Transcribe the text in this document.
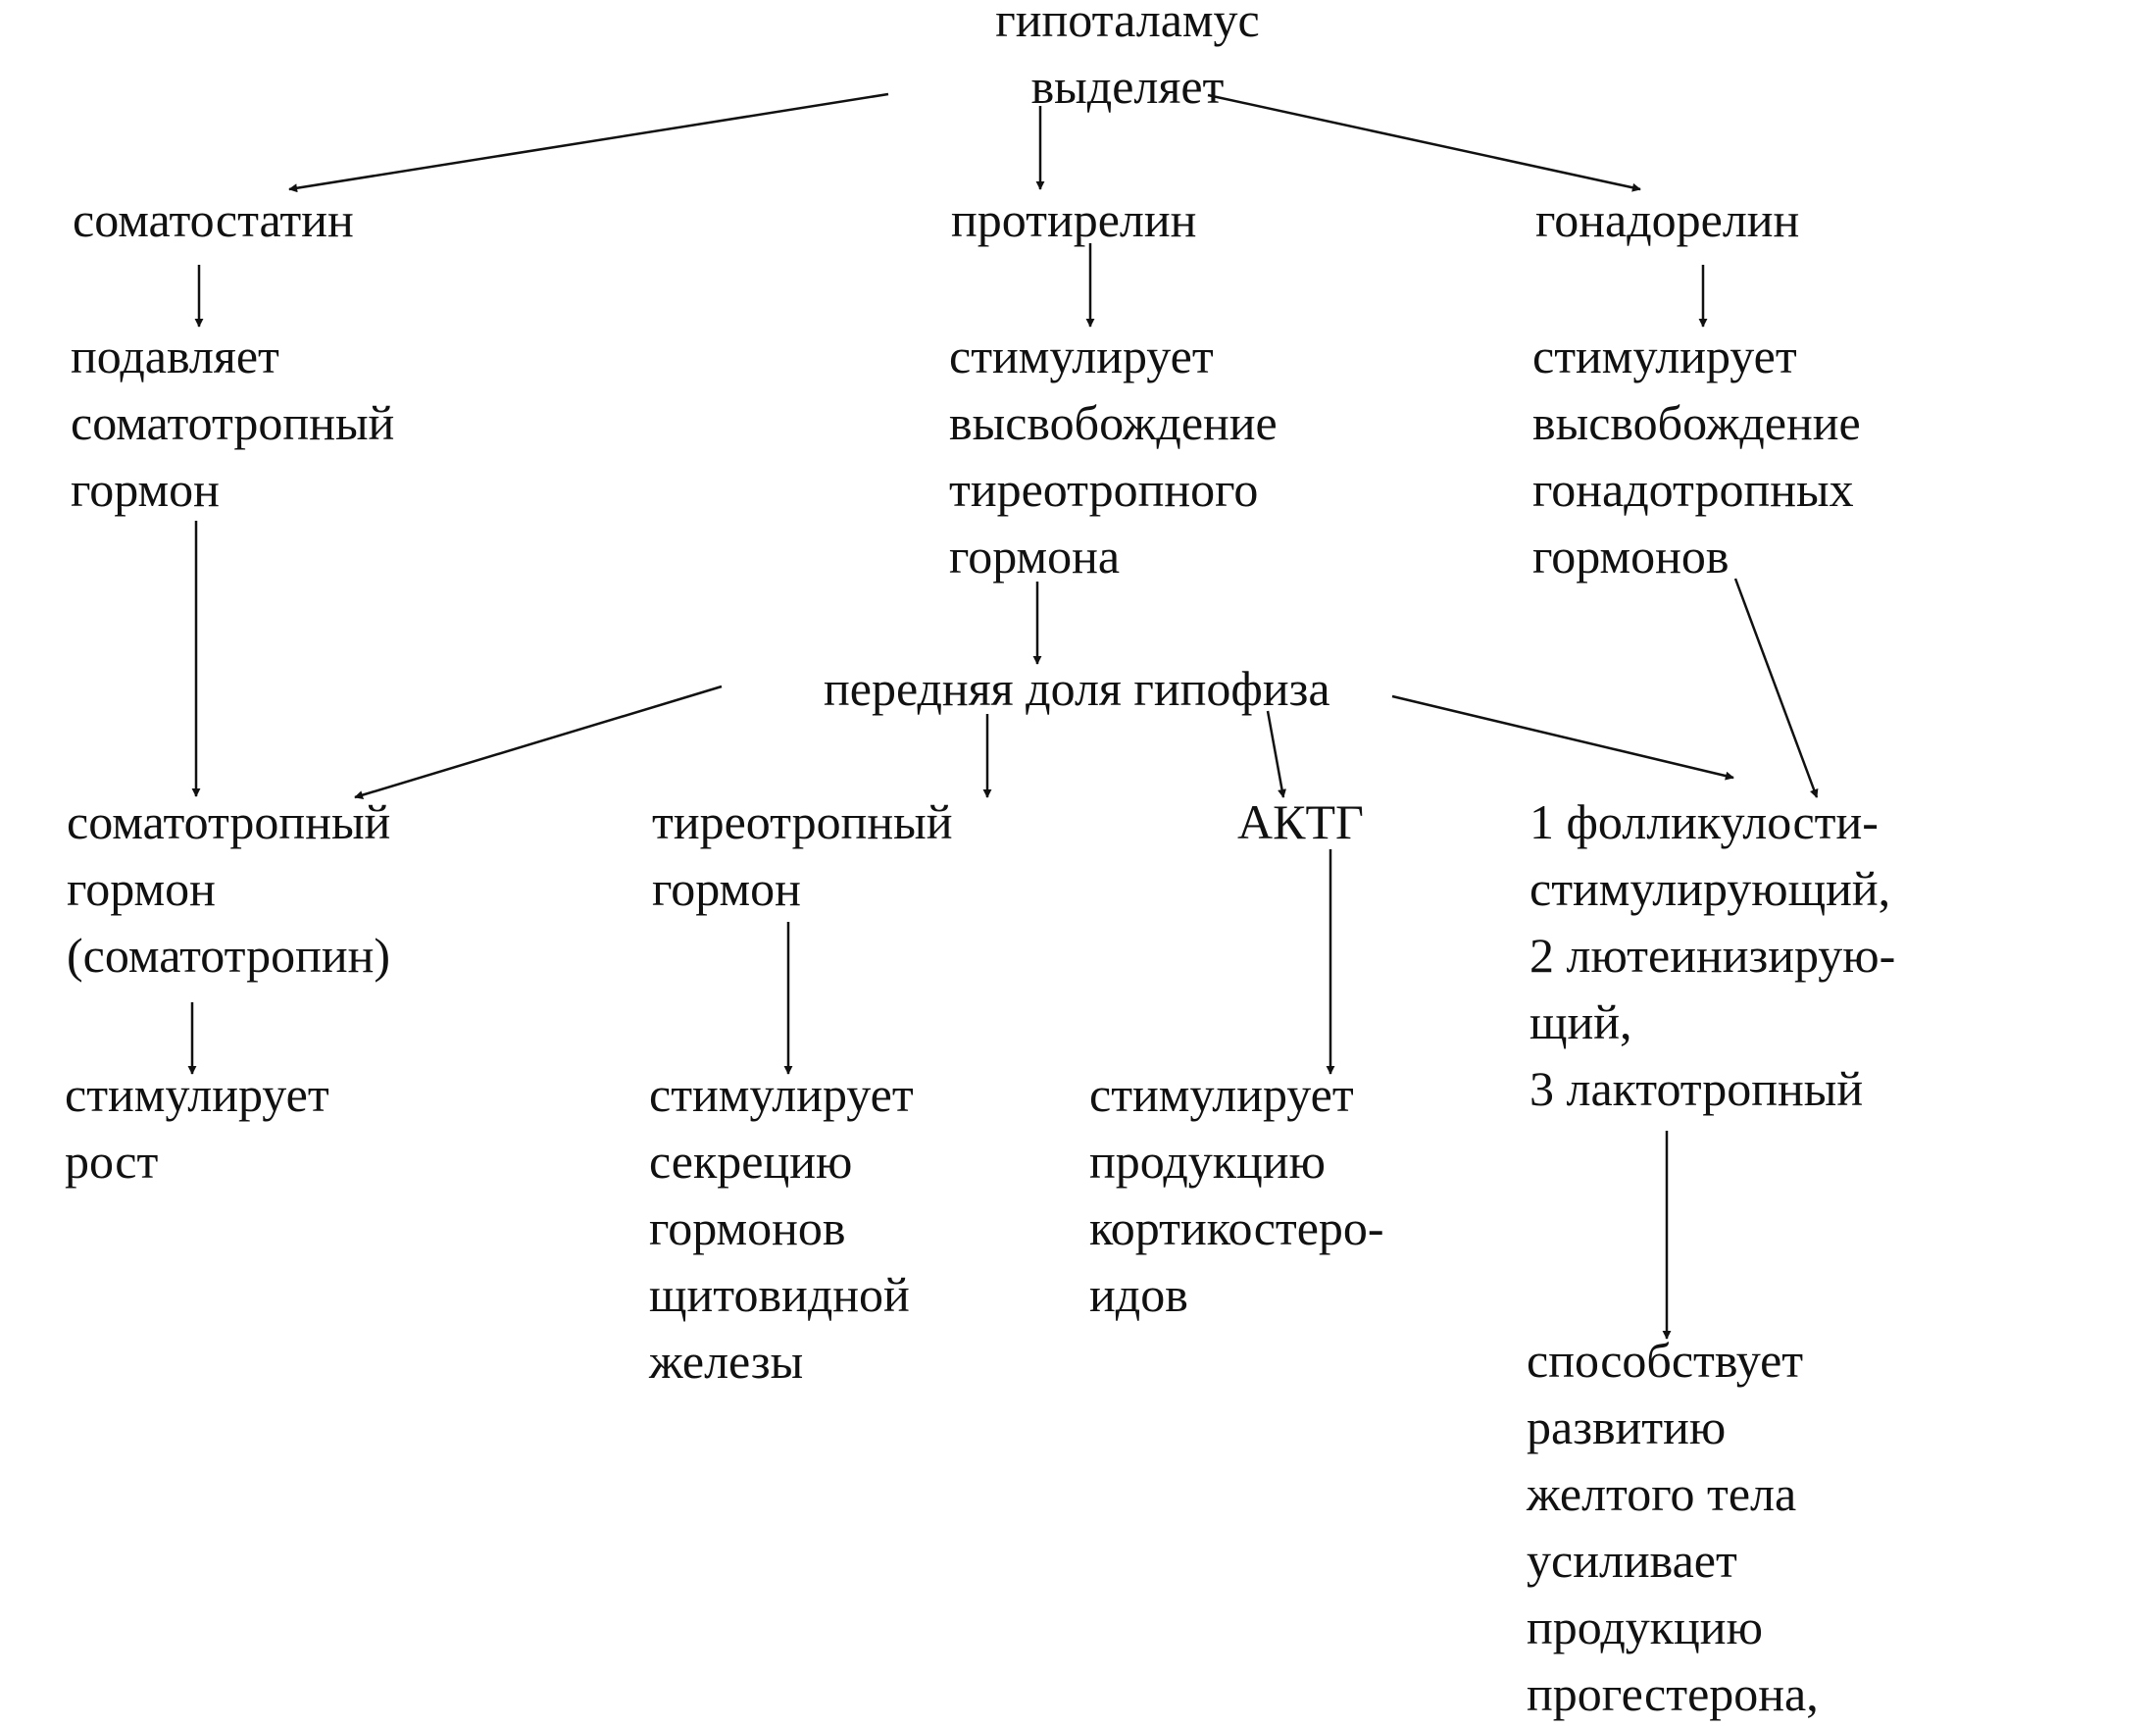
гипоталамус
выделяет
соматостатин	протирелин	гонадорелин
подавляет
соматотропный
гормон
стимулирует
высвобождение
тиреотропного
гормона
стимулирует
высвобождение
гонадотропных
гормонов
передняя доля гипофиза
соматотропный
гормон
(соматотропин)
тиреотропный
гормон
АКТГ	1 фолликулости-
стимулирующий,
2 лютеинизирую-
щий,
3 лактотропный
стимулирует
рост
стимулирует
секрецию
гормонов
щитовидной
железы
стимулирует
продукцию
кортикостеро-
идов
способствует
развитию
желтого тела
усиливает
продукцию
прогестерона,
